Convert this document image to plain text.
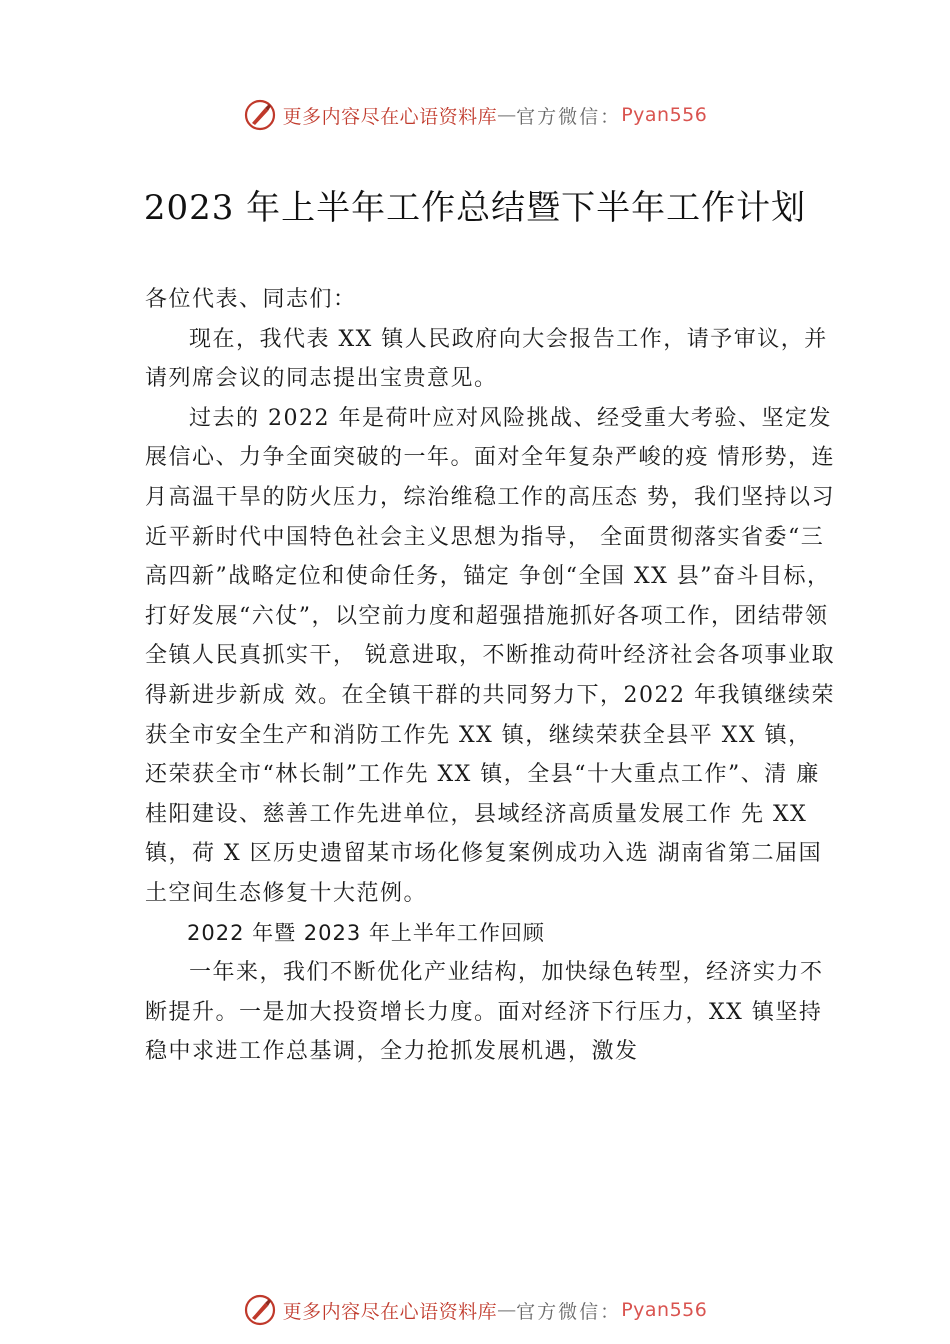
更多内容尽在心语资料库 — 官方微信： Pyan556
2023 年上半年工作总结暨下半年工作计划

各位代表、同志们：

现在，我代表 XX 镇人民政府向大会报告工作，请予审议，并请列席会议的同志提出宝贵意见。

过去的 2022 年是荷叶应对风险挑战、经受重大考验、坚定发展信心、力争全面突破的一年。面对全年复杂严峻的疫 情形势，连月高温干旱的防火压力，综治维稳工作的高压态 势，我们坚持以习近平新时代中国特色社会主义思想为指导， 全面贯彻落实省委“三高四新”战略定位和使命任务，锚定 争创“全国 XX 县”奋斗目标，打好发展“六仗”，以空前力度和超强措施抓好各项工作，团结带领全镇人民真抓实干， 锐意进取，不断推动荷叶经济社会各项事业取得新进步新成 效。在全镇干群的共同努力下，2022 年我镇继续荣获全市安全生产和消防工作先 XX 镇，继续荣获全县平 XX 镇，还荣获全市“林长制”工作先 XX 镇，全县“十大重点工作”、清 廉桂阳建设、慈善工作先进单位，县域经济高质量发展工作 先 XX 镇，荷 X 区历史遗留某市场化修复案例成功入选 湖南省第二届国土空间生态修复十大范例。

2022 年暨 2023 年上半年工作回顾

一年来，我们不断优化产业结构，加快绿色转型，经济实力不断提升。一是加大投资增长力度。面对经济下行压力，XX 镇坚持稳中求进工作总基调，全力抢抓发展机遇，激发

更多内容尽在心语资料库 — 官方微信： Pyan556
